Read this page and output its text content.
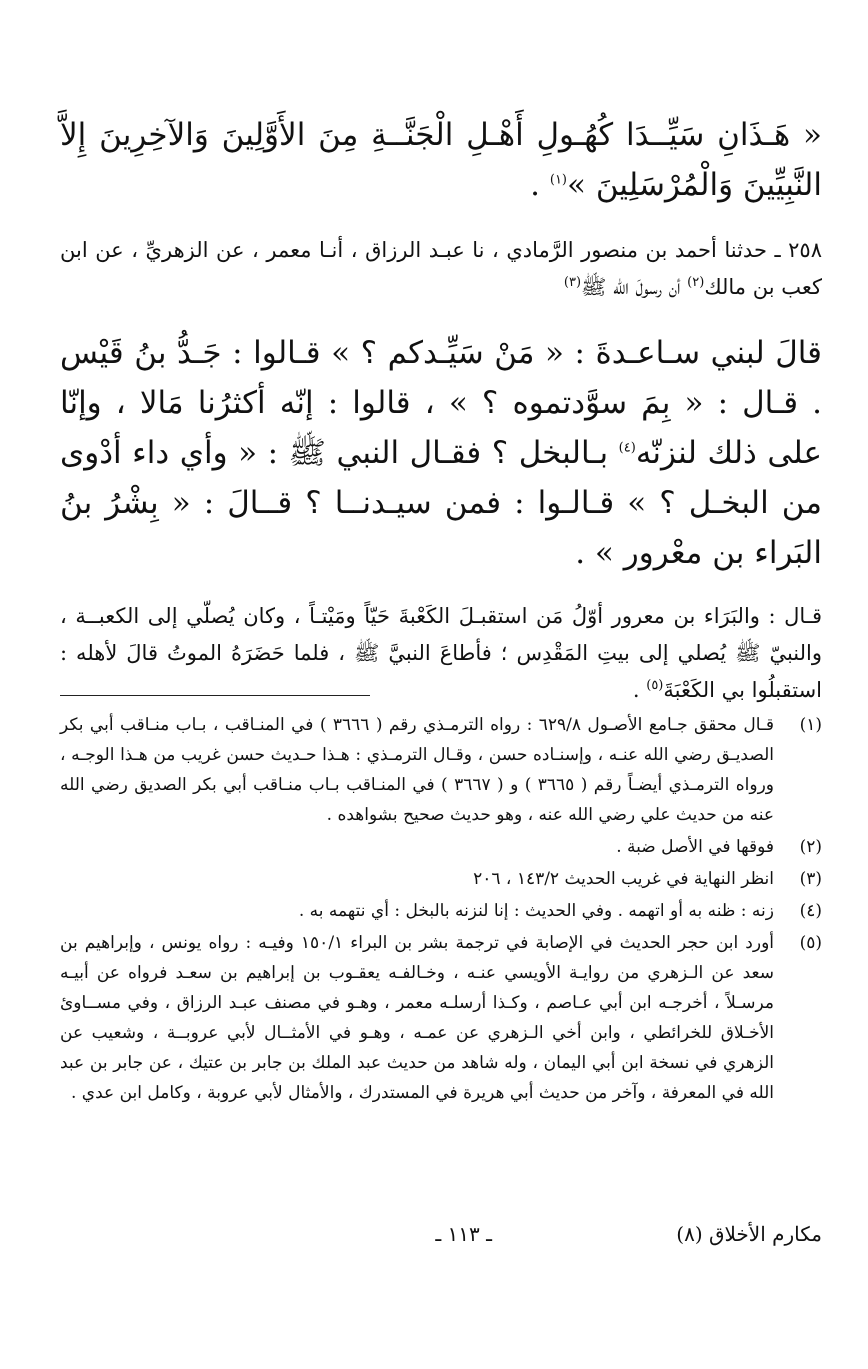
« هَـذَانِ سَيِّــدَا كُهُـولِ أَهْـلِ الْجَنَّــةِ مِنَ الأَوَّلِينَ وَالآخِرِينَ إِلاَّ النَّبِيِّينَ وَالْمُرْسَلِينَ »$^{(١)}$ .

٢٥٨ ـ حدثنا أحمد بن منصور الرَّمادي ، نا عبـد الرزاق ، أنـا معمر ، عن الزهريِّ ، عن ابن كعب بن مالك$^{(٢)}$ أن رسولَ الله ﷺ$^{(٣)}$

قالَ لبني سـاعـدةَ : « مَنْ سَيِّـدكم ؟ » قـالوا : جَـدُّ بنُ قَيْس . قـال : « بِمَ سوَّدتموه ؟ » ، قالوا : إنّه أكثرُنا مَالا ، وإنّا على ذلك لنزنّه$^{(٤)}$ بـالبخل ؟ فقـال النبي ﷺ : « وأي داء أدْوى من البخـل ؟ » قـالـوا : فمن سيـدنــا ؟ قــالَ : « بِشْرُ بنُ البَراء بن معْرور » .

قـال : والبَرَاء بن معرور أوّلُ مَن استقبـلَ الكَعْبةَ حَيّاً ومَيْتـاً ، وكان يُصلّي إلى الكعبــة ، والنبيّ ﷺ يُصلي إلى بيتِ المَقْدِس ؛ فأطاعَ النبيَّ ﷺ ، فلما حَضَرَهُ الموتُ قالَ لأهله : استقبلُوا بي الكَعْبَةَ$^{(٥)}$ .

(١)
قـال محقق جـامع الأصـول ٦٢٩/٨ : رواه الترمـذي رقم ( ٣٦٦٦ ) في المنـاقب ، بـاب منـاقب أبي بكر الصديـق رضي الله عنـه ، وإسنـاده حسن ، وقـال الترمـذي : هـذا حـديث حسن غريب من هـذا الوجـه ، ورواه الترمـذي أيضـاً رقم ( ٣٦٦٥ ) و ( ٣٦٦٧ ) في المنـاقب بـاب منـاقب أبي بكر الصديق رضي الله عنه من حديث علي رضي الله عنه ، وهو حديث صحيح بشواهده .
(٢)
فوقها في الأصل ضبة .
(٣)
انظر النهاية في غريب الحديث ١٤٣/٢ ، ٢٠٦
(٤)
زنه : ظنه به أو اتهمه . وفي الحديث : إنا لنزنه بالبخل : أي نتهمه به .
(٥)
أورد ابن حجر الحديث في الإصابة في ترجمة بشر بن البراء ١٥٠/١ وفيـه : رواه يونس ، وإبراهيم بن سعد عن الـزهري من روايـة الأويسي عنـه ، وخـالفـه يعقـوب بن إبراهيم بن سعـد فرواه عن أبيـه مرسـلاً ، أخرجـه ابن أبي عـاصم ، وكـذا أرسلـه معمر ، وهـو في مصنف عبـد الرزاق ، وفي مســاوئ الأخـلاق للخرائطي ، وابن أخي الـزهري عن عمـه ، وهـو في الأمثــال لأبي عروبــة ، وشعيب عن الزهري في نسخة ابن أبي اليمان ، وله شاهد من حديث عبد الملك بن جابر بن عتيك ، عن جابر بن عبد الله في المعرفة ، وآخر من حديث أبي هريرة في المستدرك ، والأمثال لأبي عروبة ، وكامل ابن عدي .
مكارم الأخلاق (٨)
ـ ١١٣ ـ
